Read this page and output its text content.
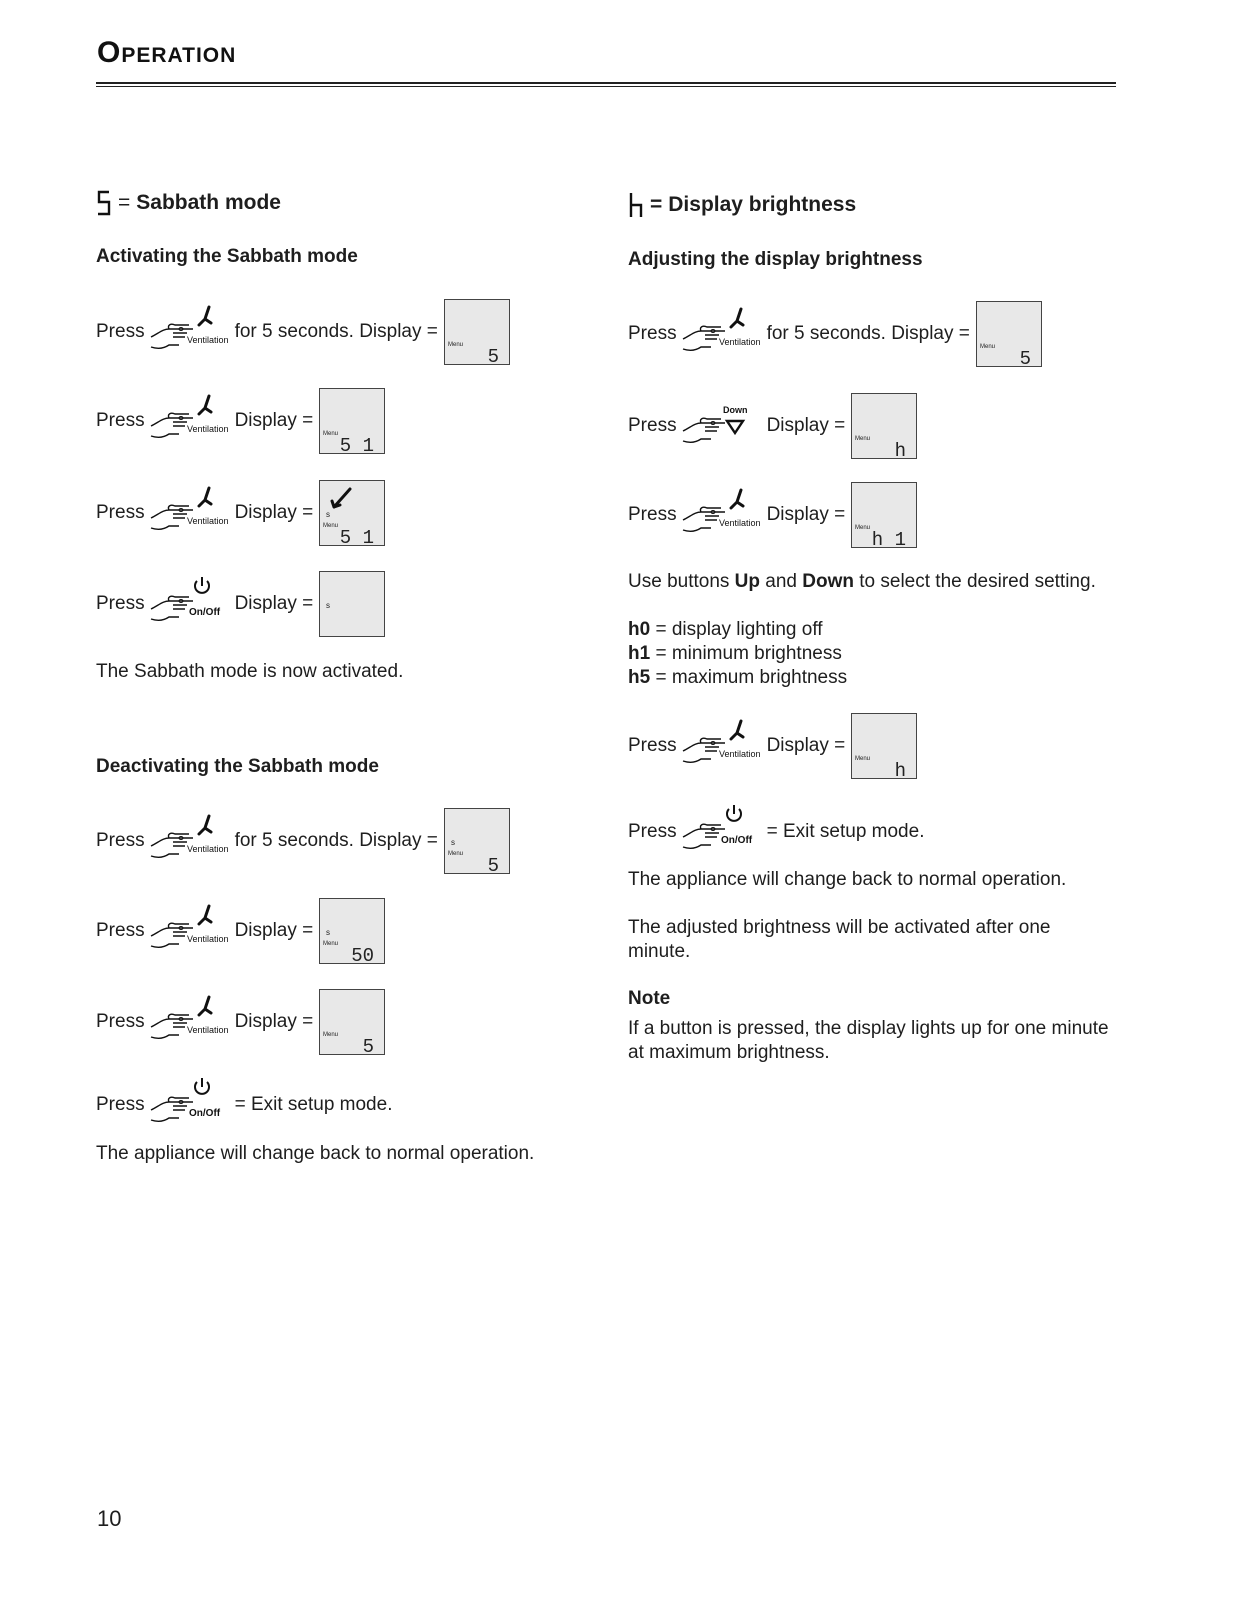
Operation
= Sabbath mode
Activating the Sabbath mode
The Sabbath mode is now activated.
Deactivating the Sabbath mode
Press	On/Off = Exit setup mode.
The appliance will change back to normal operation.
= Display brightness
Adjusting the display brightness
Use buttons Up and Down to select the desired setting.
h0 = display lighting off
h1 = minimum brightness
h5 = maximum brightness
Press	On/Off = Exit setup mode.
The appliance will change back to normal operation.
The adjusted brightness will be activated after one minute.
Note
If a button is pressed, the display lights up for one minute at maximum brightness.
10
Press	Ventilation for 5 seconds. Display =
Menu
5
Press	Ventilation Display =
Menu
5 1
Press	Ventilation Display =
Menu
s
5 1
Press	On/Off Display = s
Press	Ventilation for 5 seconds. Display =
Menu
s
5
Press	Ventilation Display =
Menu
s
50
Press	Ventilation Display =
Menu
5
Press	Ventilation for 5 seconds. Display =
Menu
5
Press
Down
Display =
Menu
h
Press	Ventilation Display =
Menu
h 1
Press	Ventilation Display =
Menu
h
